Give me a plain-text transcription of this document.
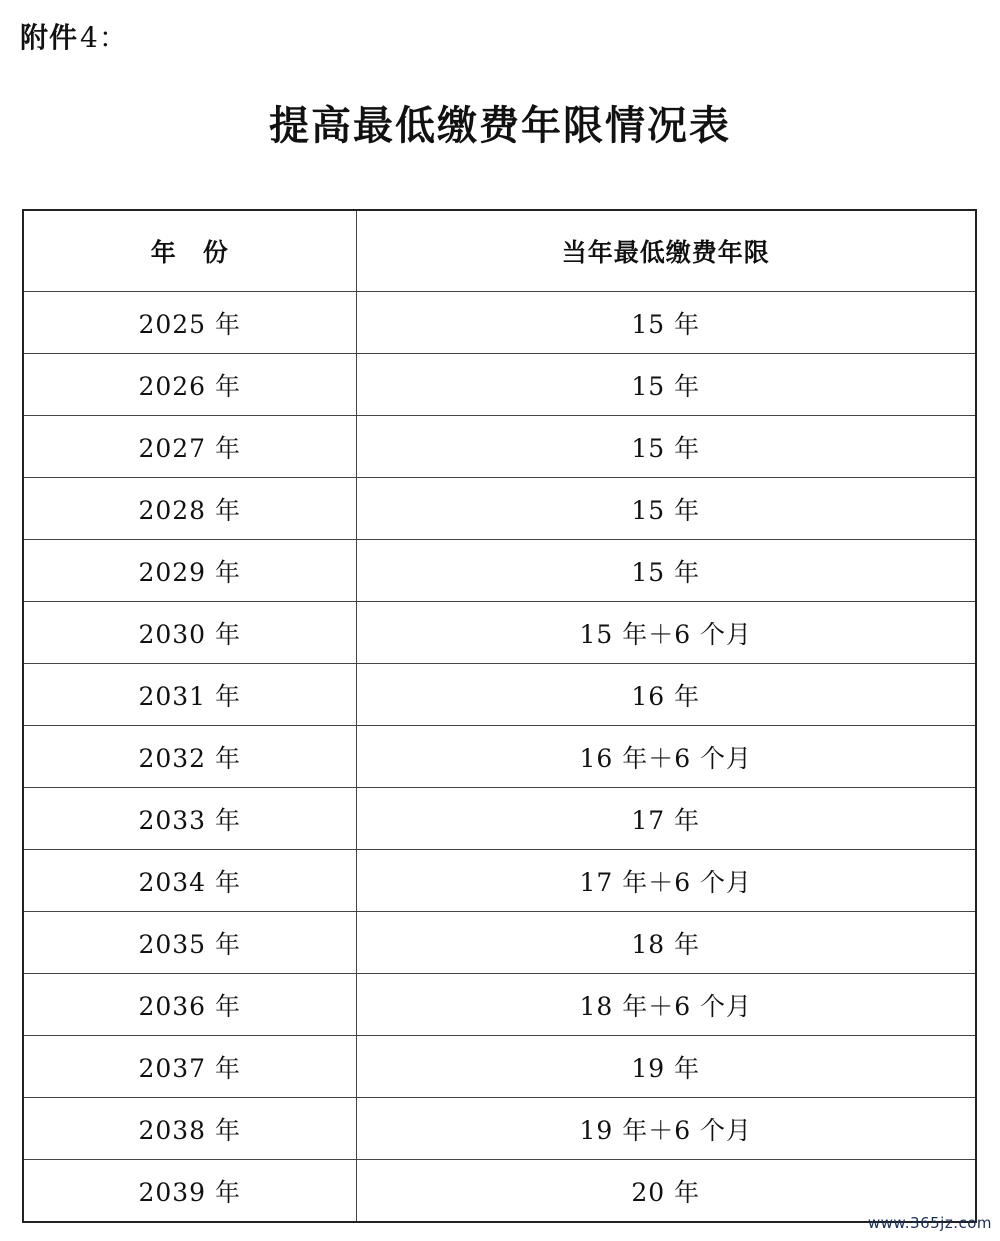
附件4：
提高最低缴费年限情况表
年　份	当年最低缴费年限
2025 年	15 年
2026 年	15 年
2027 年	15 年
2028 年	15 年
2029 年	15 年
2030 年	15 年＋6 个月
2031 年	16 年
2032 年	16 年＋6 个月
2033 年	17 年
2034 年	17 年＋6 个月
2035 年	18 年
2036 年	18 年＋6 个月
2037 年	19 年
2038 年	19 年＋6 个月
2039 年	20 年
www.365jz.com
